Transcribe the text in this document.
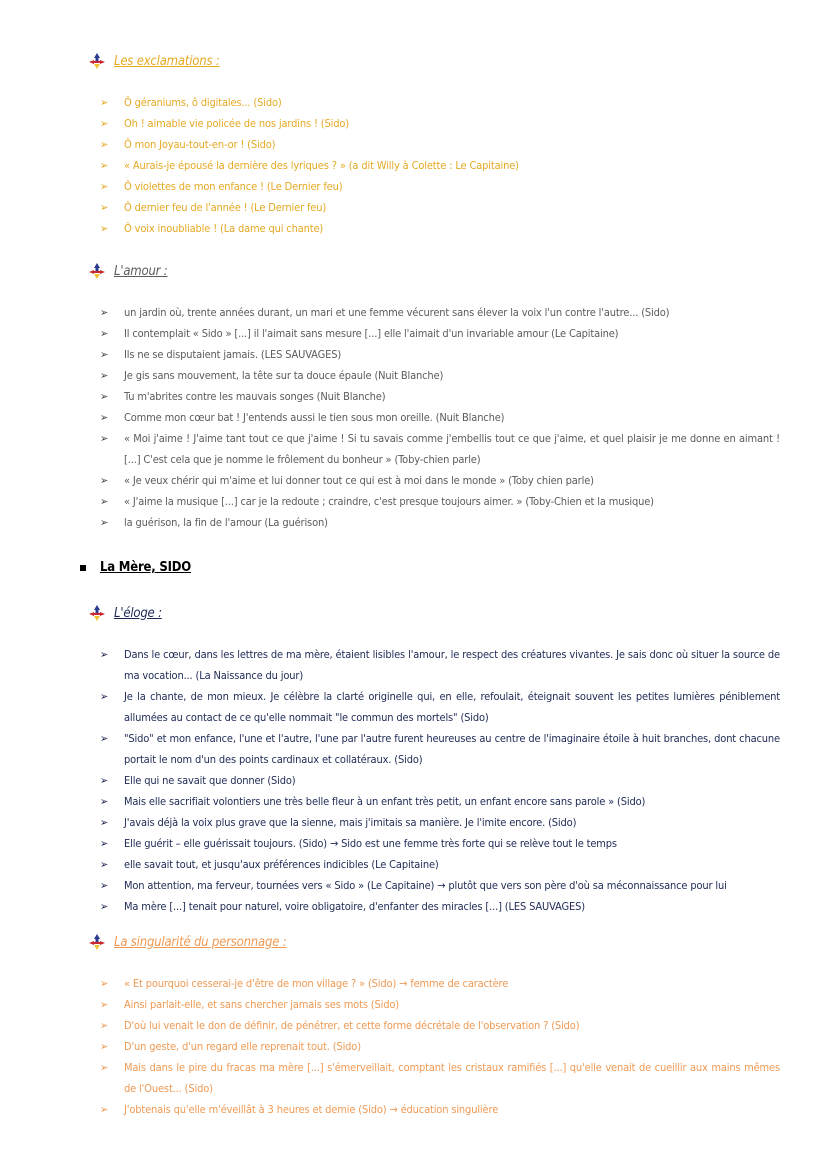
Les exclamations :
➢	Ô géraniums, ô digitales... (Sido)
➢	Oh ! aimable vie policée de nos jardins ! (Sido)
➢	Ô mon Joyau-tout-en-or ! (Sido)
➢	« Aurais-je épousé la dernière des lyriques ? » (a dit Willy à Colette : Le Capitaine)
➢	Ô violettes de mon enfance ! (Le Dernier feu)
➢	Ô dernier feu de l'année ! (Le Dernier feu)
➢	Ô voix inoubliable ! (La dame qui chante)
L'amour :
➢	un jardin où, trente années durant, un mari et une femme vécurent sans élever la voix l'un contre l'autre... (Sido)
➢	Il contemplait « Sido » [...] il l'aimait sans mesure [...] elle l'aimait d'un invariable amour (Le Capitaine)
➢	Ils ne se disputaient jamais. (LES SAUVAGES)
➢	Je gis sans mouvement, la tête sur ta douce épaule (Nuit Blanche)
➢	Tu m'abrites contre les mauvais songes (Nuit Blanche)
➢	Comme mon cœur bat ! J'entends aussi le tien sous mon oreille. (Nuit Blanche)
➢	« Moi j'aime ! J'aime tant tout ce que j'aime ! Si tu savais comme j'embellis tout ce que j'aime, et quel plaisir je me donne en aimant ! [...] C'est cela que je nomme le frôlement du bonheur » (Toby-chien parle)
➢	« Je veux chérir qui m'aime et lui donner tout ce qui est à moi dans le monde » (Toby chien parle)
➢	« J'aime la musique [...] car je la redoute ; craindre, c'est presque toujours aimer. » (Toby-Chien et la musique)
➢	la guérison, la fin de l'amour (La guérison)
La Mère, SIDO
L'éloge :
➢	Dans le cœur, dans les lettres de ma mère, étaient lisibles l'amour, le respect des créatures vivantes. Je sais donc où situer la source de ma vocation... (La Naissance du jour)
➢	Je la chante, de mon mieux. Je célèbre la clarté originelle qui, en elle, refoulait, éteignait souvent les petites lumières péniblement allumées au contact de ce qu'elle nommait "le commun des mortels" (Sido)
➢	"Sido" et mon enfance, l'une et l'autre, l'une par l'autre furent heureuses au centre de l'imaginaire étoile à huit branches, dont chacune portait le nom d'un des points cardinaux et collatéraux. (Sido)
➢	Elle qui ne savait que donner (Sido)
➢	Mais elle sacrifiait volontiers une très belle fleur à un enfant très petit, un enfant encore sans parole » (Sido)
➢	J'avais déjà la voix plus grave que la sienne, mais j'imitais sa manière. Je l'imite encore. (Sido)
➢	Elle guérit – elle guérissait toujours. (Sido) → Sido est une femme très forte qui se relève tout le temps
➢	elle savait tout, et jusqu'aux préférences indicibles (Le Capitaine)
➢	Mon attention, ma ferveur, tournées vers « Sido » (Le Capitaine) → plutôt que vers son père d'où sa méconnaissance pour lui
➢	Ma mère [...] tenait pour naturel, voire obligatoire, d'enfanter des miracles [...] (LES SAUVAGES)
La singularité du personnage :
➢	« Et pourquoi cesserai-je d'être de mon village ? » (Sido) → femme de caractère
➢	Ainsi parlait-elle, et sans chercher jamais ses mots (Sido)
➢	D'où lui venait le don de définir, de pénétrer, et cette forme décrétale de l'observation ? (Sido)
➢	D'un geste, d'un regard elle reprenait tout. (Sido)
➢	Mais dans le pire du fracas ma mère [...] s'émerveillait, comptant les cristaux ramifiés [...] qu'elle venait de cueillir aux mains mêmes de l'Ouest... (Sido)
➢	J'obtenais qu'elle m'éveillât à 3 heures et demie (Sido) → éducation singulière
